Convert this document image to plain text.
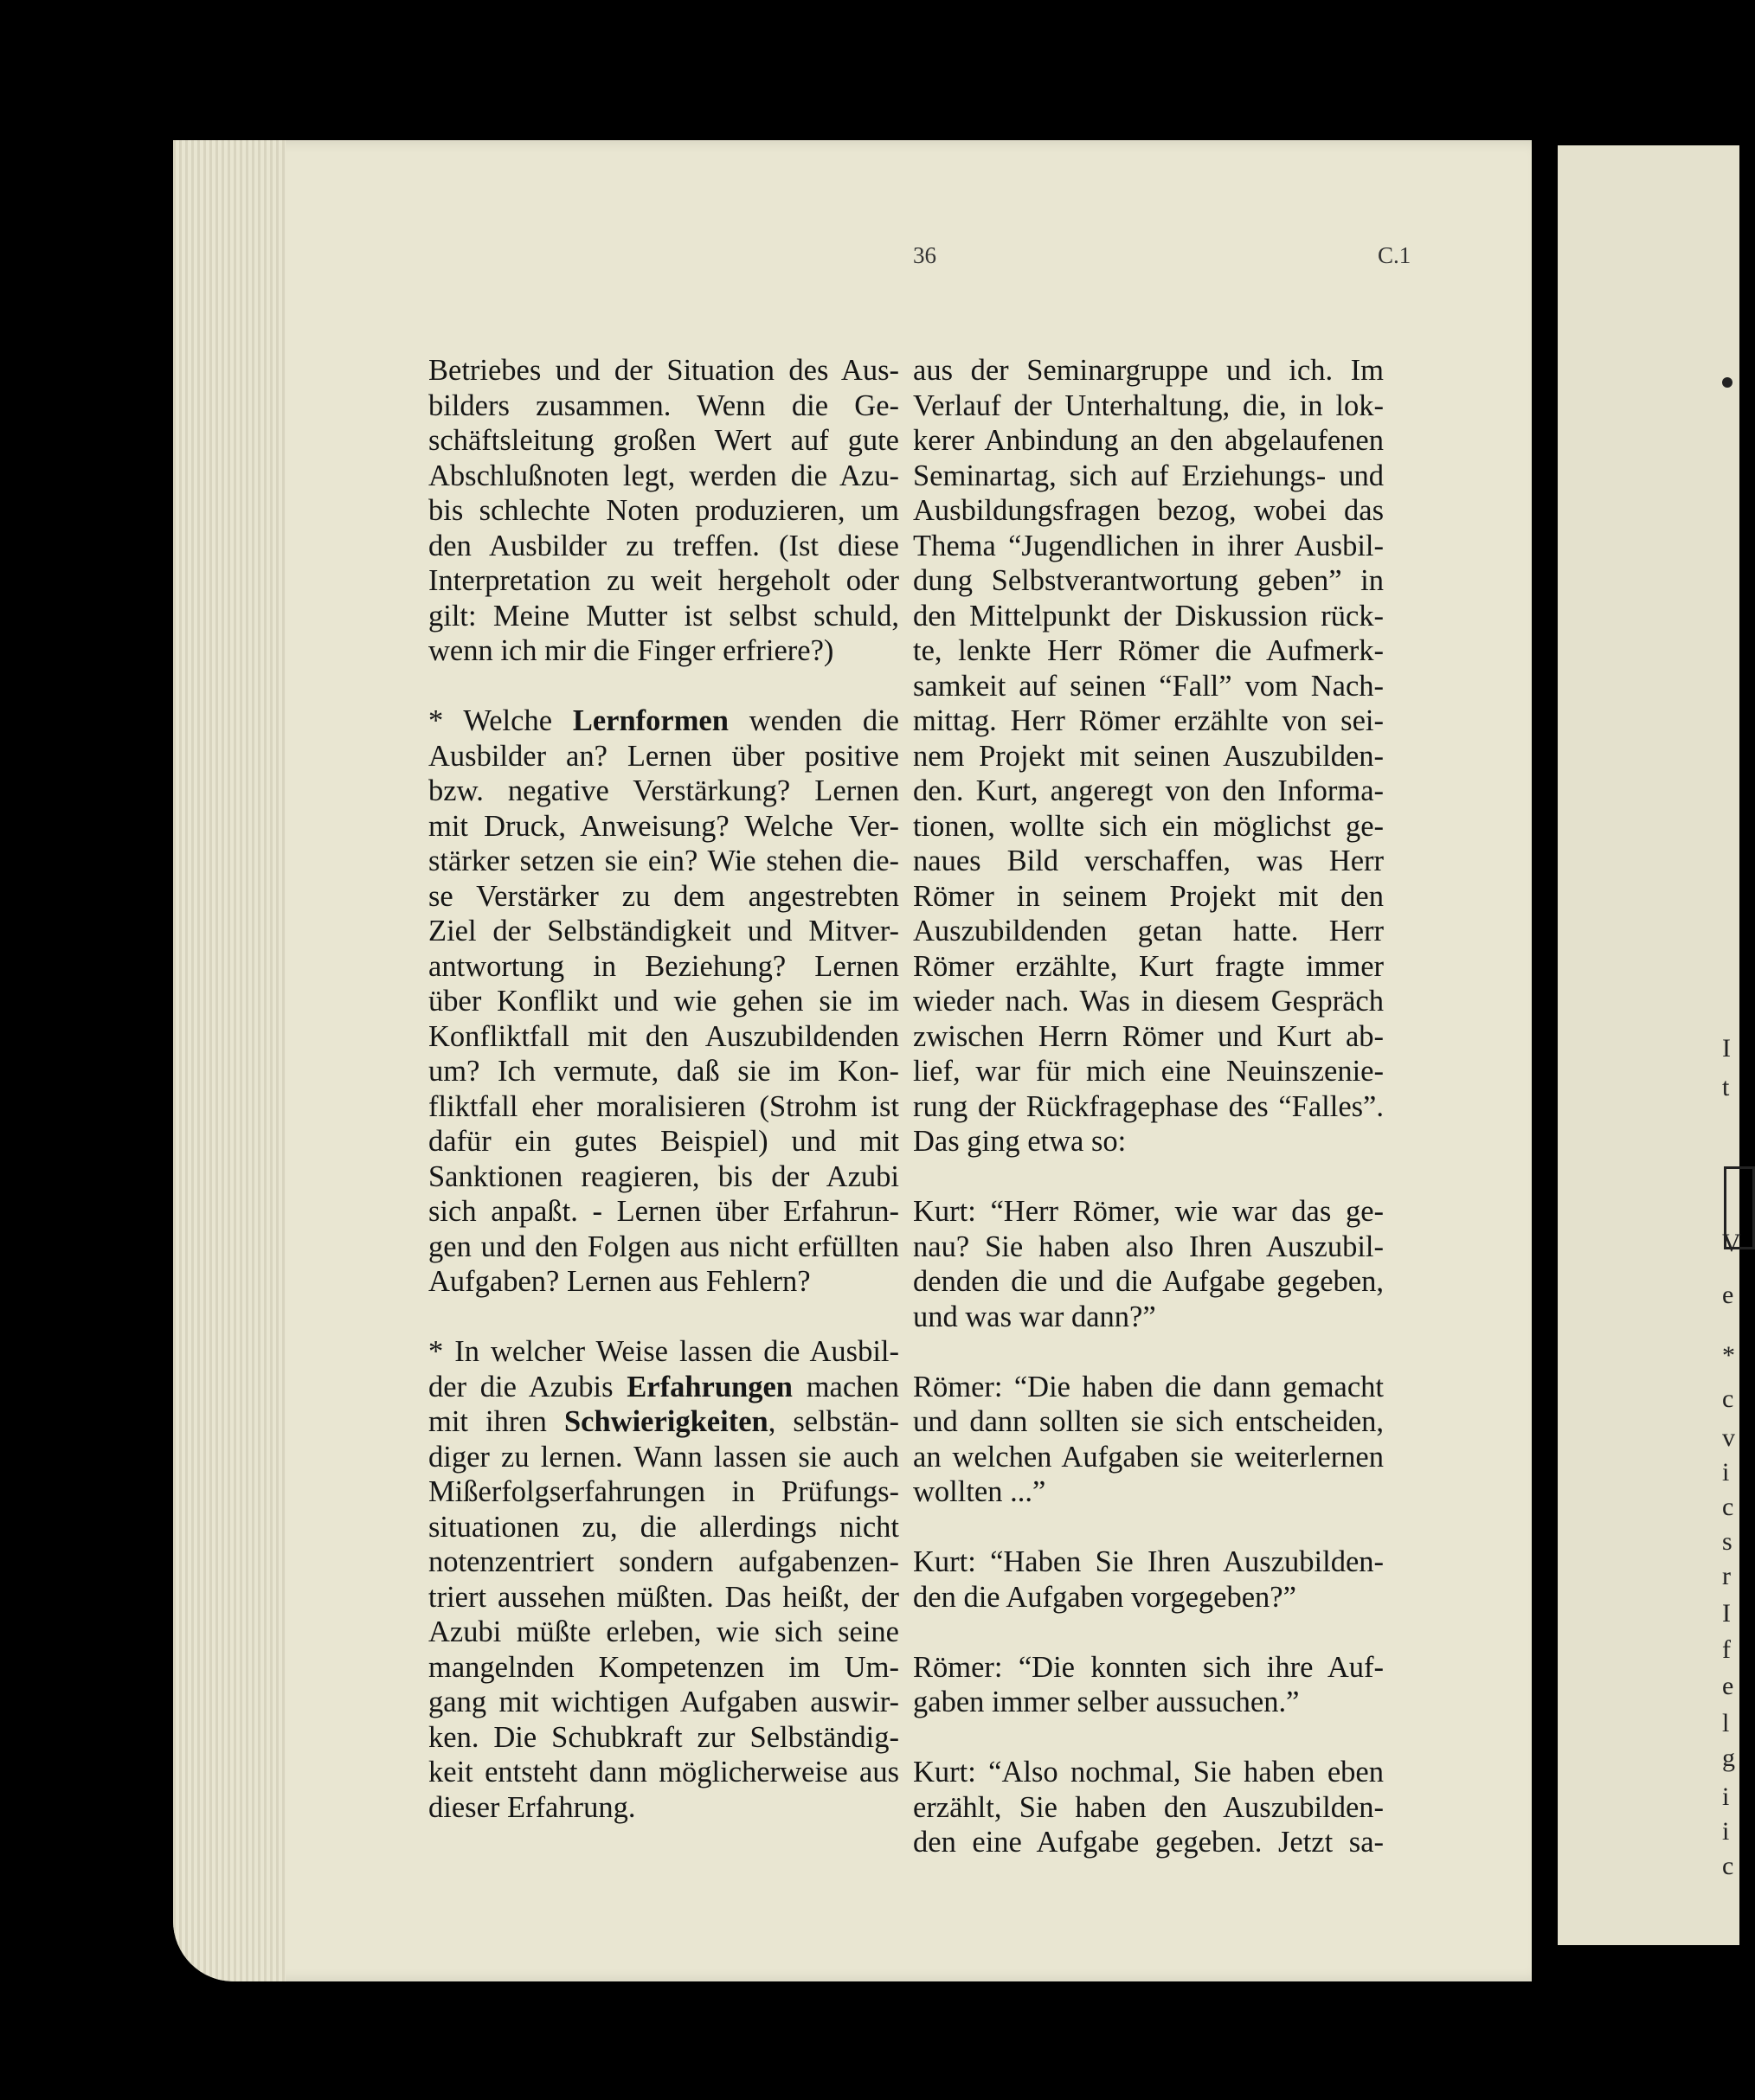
I
t
V
e
*
c
v
i
c
s
r
I
f
e
l
g
i
i
c
36	C.1
Betriebes und der Situation des Aus-
bilders zusammen. Wenn die Ge-
schäftsleitung großen Wert auf gute
Abschlußnoten legt, werden die Azu-
bis schlechte Noten produzieren, um
den Ausbilder zu treffen. (Ist diese
Interpretation zu weit hergeholt oder
gilt: Meine Mutter ist selbst schuld,
wenn ich mir die Finger erfriere?)
* Welche Lernformen wenden die
Ausbilder an? Lernen über positive
bzw. negative Verstärkung? Lernen
mit Druck, Anweisung? Welche Ver-
stärker setzen sie ein? Wie stehen die-
se Verstärker zu dem angestrebten
Ziel der Selbständigkeit und Mitver-
antwortung in Beziehung? Lernen
über Konflikt und wie gehen sie im
Konfliktfall mit den Auszubildenden
um? Ich vermute, daß sie im Kon-
fliktfall eher moralisieren (Strohm ist
dafür ein gutes Beispiel) und mit
Sanktionen reagieren, bis der Azubi
sich anpaßt. - Lernen über Erfahrun-
gen und den Folgen aus nicht erfüllten
Aufgaben? Lernen aus Fehlern?
* In welcher Weise lassen die Ausbil-
der die Azubis Erfahrungen machen
mit ihren Schwierigkeiten, selbstän-
diger zu lernen. Wann lassen sie auch
Mißerfolgserfahrungen in Prüfungs-
situationen zu, die allerdings nicht
notenzentriert sondern aufgabenzen-
triert aussehen müßten. Das heißt, der
Azubi müßte erleben, wie sich seine
mangelnden Kompetenzen im Um-
gang mit wichtigen Aufgaben auswir-
ken. Die Schubkraft zur Selbständig-
keit entsteht dann möglicherweise aus
dieser Erfahrung.
aus der Seminargruppe und ich. Im
Verlauf der Unterhaltung, die, in lok-
kerer Anbindung an den abgelaufenen
Seminartag, sich auf Erziehungs- und
Ausbildungsfragen bezog, wobei das
Thema “Jugendlichen in ihrer Ausbil-
dung Selbstverantwortung geben” in
den Mittelpunkt der Diskussion rück-
te, lenkte Herr Römer die Aufmerk-
samkeit auf seinen “Fall” vom Nach-
mittag. Herr Römer erzählte von sei-
nem Projekt mit seinen Auszubilden-
den. Kurt, angeregt von den Informa-
tionen, wollte sich ein möglichst ge-
naues Bild verschaffen, was Herr
Römer in seinem Projekt mit den
Auszubildenden getan hatte. Herr
Römer erzählte, Kurt fragte immer
wieder nach. Was in diesem Gespräch
zwischen Herrn Römer und Kurt ab-
lief, war für mich eine Neuinszenie-
rung der Rückfragephase des “Falles”.
Das ging etwa so:
Kurt: “Herr Römer, wie war das ge-
nau? Sie haben also Ihren Auszubil-
denden die und die Aufgabe gegeben,
und was war dann?”
Römer: “Die haben die dann gemacht
und dann sollten sie sich entscheiden,
an welchen Aufgaben sie weiterlernen
wollten ...”
Kurt: “Haben Sie Ihren Auszubilden-
den die Aufgaben vorgegeben?”
Römer: “Die konnten sich ihre Auf-
gaben immer selber aussuchen.”
Kurt: “Also nochmal, Sie haben eben
erzählt, Sie haben den Auszubilden-
den eine Aufgabe gegeben. Jetzt sa-
